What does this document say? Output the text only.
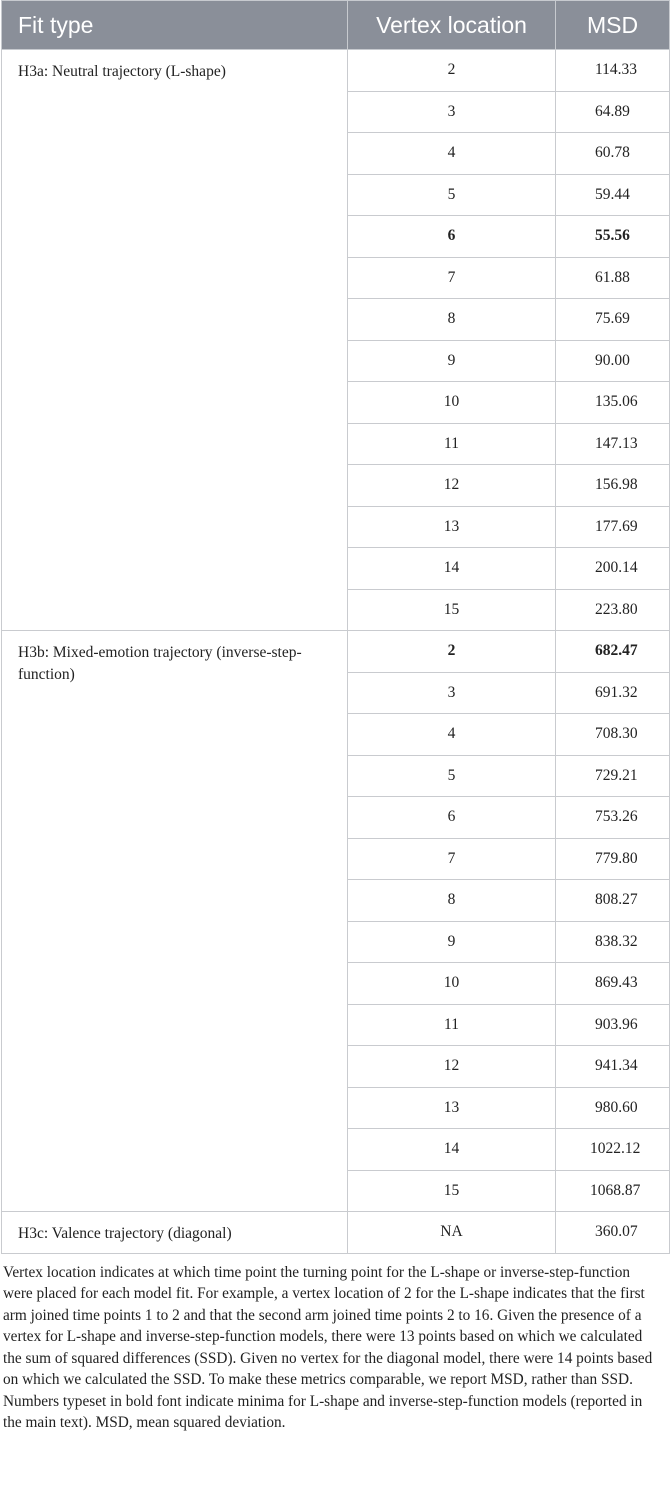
Fit type	Vertex location	MSD
H3a: Neutral trajectory (L-shape)	2	114.33
	3	64.89
	4	60.78
	5	59.44
	6	55.56
	7	61.88
	8	75.69
	9	90.00
	10	135.06
	11	147.13
	12	156.98
	13	177.69
	14	200.14
	15	223.80
H3b: Mixed-emotion trajectory (inverse-step-function)	2	682.47
	3	691.32
	4	708.30
	5	729.21
	6	753.26
	7	779.80
	8	808.27
	9	838.32
	10	869.43
	11	903.96
	12	941.34
	13	980.60
	14	1022.12
	15	1068.87
H3c: Valence trajectory (diagonal)	NA	360.07

Vertex location indicates at which time point the turning point for the L-shape or inverse-step-function were placed for each model fit. For example, a vertex location of 2 for the L-shape indicates that the first arm joined time points 1 to 2 and that the second arm joined time points 2 to 16. Given the presence of a vertex for L-shape and inverse-step-function models, there were 13 points based on which we calculated the sum of squared differences (SSD). Given no vertex for the diagonal model, there were 14 points based on which we calculated the SSD. To make these metrics comparable, we report MSD, rather than SSD. Numbers typeset in bold font indicate minima for L-shape and inverse-step-function models (reported in the main text). MSD, mean squared deviation.
